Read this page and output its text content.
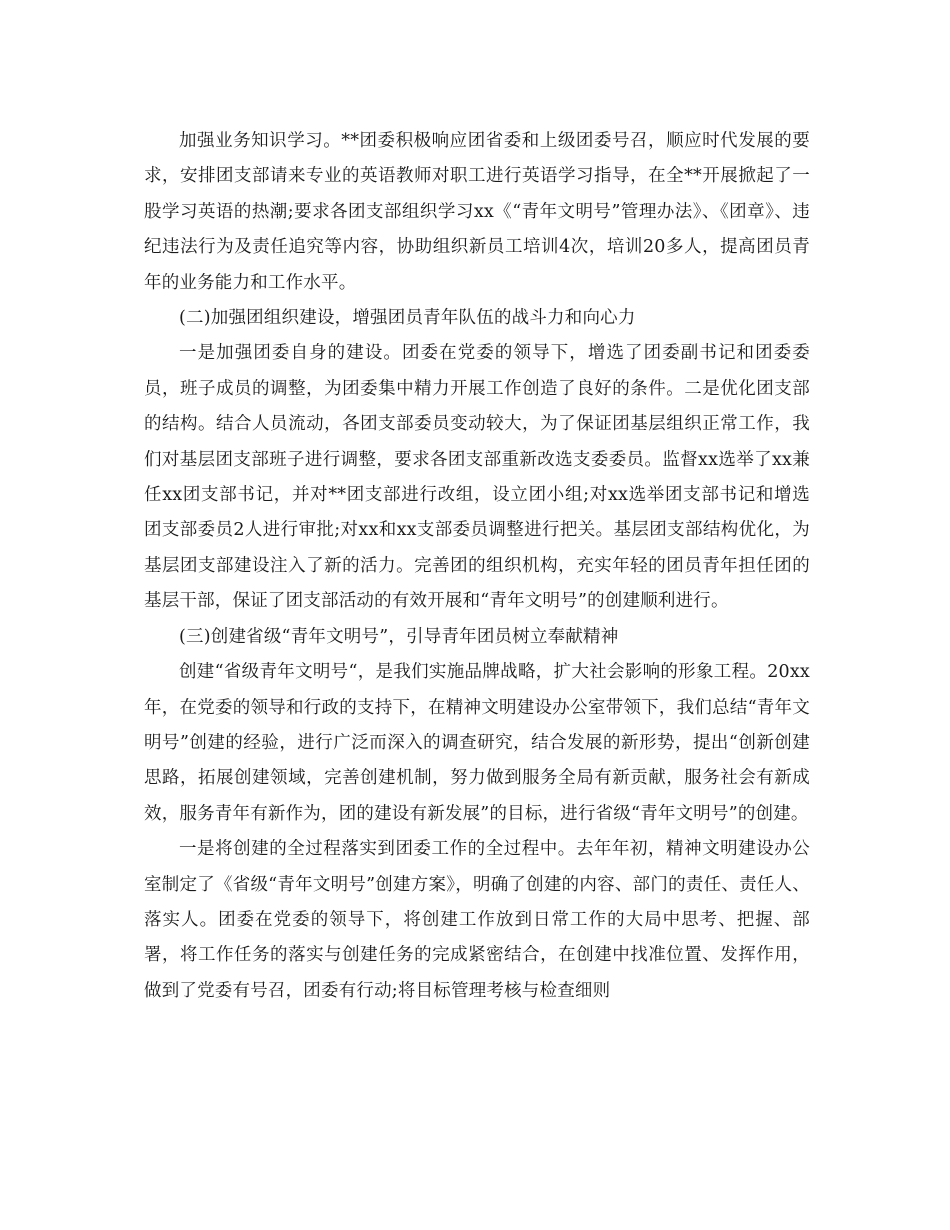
加强业务知识学习。**团委积极响应团省委和上级团委号召，顺应时代发展的要求，安排团支部请来专业的英语教师对职工进行英语学习指导，在全**开展掀起了一股学习英语的热潮;要求各团支部组织学习xx《“青年文明号”管理办法》、《团章》、违纪违法行为及责任追究等内容，协助组织新员工培训4次，培训20多人，提高团员青年的业务能力和工作水平。

(二)加强团组织建设，增强团员青年队伍的战斗力和向心力

一是加强团委自身的建设。团委在党委的领导下，增选了团委副书记和团委委员，班子成员的调整，为团委集中精力开展工作创造了良好的条件。二是优化团支部的结构。结合人员流动，各团支部委员变动较大，为了保证团基层组织正常工作，我们对基层团支部班子进行调整，要求各团支部重新改选支委委员。监督xx选举了xx兼任xx团支部书记，并对**团支部进行改组，设立团小组;对xx选举团支部书记和增选团支部委员2人进行审批;对xx和xx支部委员调整进行把关。基层团支部结构优化，为基层团支部建设注入了新的活力。完善团的组织机构，充实年轻的团员青年担任团的基层干部，保证了团支部活动的有效开展和“青年文明号”的创建顺利进行。

(三)创建省级“青年文明号”，引导青年团员树立奉献精神

创建“省级青年文明号“，是我们实施品牌战略，扩大社会影响的形象工程。20xx年，在党委的领导和行政的支持下，在精神文明建设办公室带领下，我们总结“青年文明号”创建的经验，进行广泛而深入的调查研究，结合发展的新形势，提出“创新创建思路，拓展创建领域，完善创建机制，努力做到服务全局有新贡献，服务社会有新成效，服务青年有新作为，团的建设有新发展”的目标，进行省级“青年文明号”的创建。

一是将创建的全过程落实到团委工作的全过程中。去年年初，精神文明建设办公室制定了《省级“青年文明号”创建方案》，明确了创建的内容、部门的责任、责任人、落实人。团委在党委的领导下，将创建工作放到日常工作的大局中思考、把握、部署，将工作任务的落实与创建任务的完成紧密结合，在创建中找准位置、发挥作用，做到了党委有号召，团委有行动;将目标管理考核与检查细则
